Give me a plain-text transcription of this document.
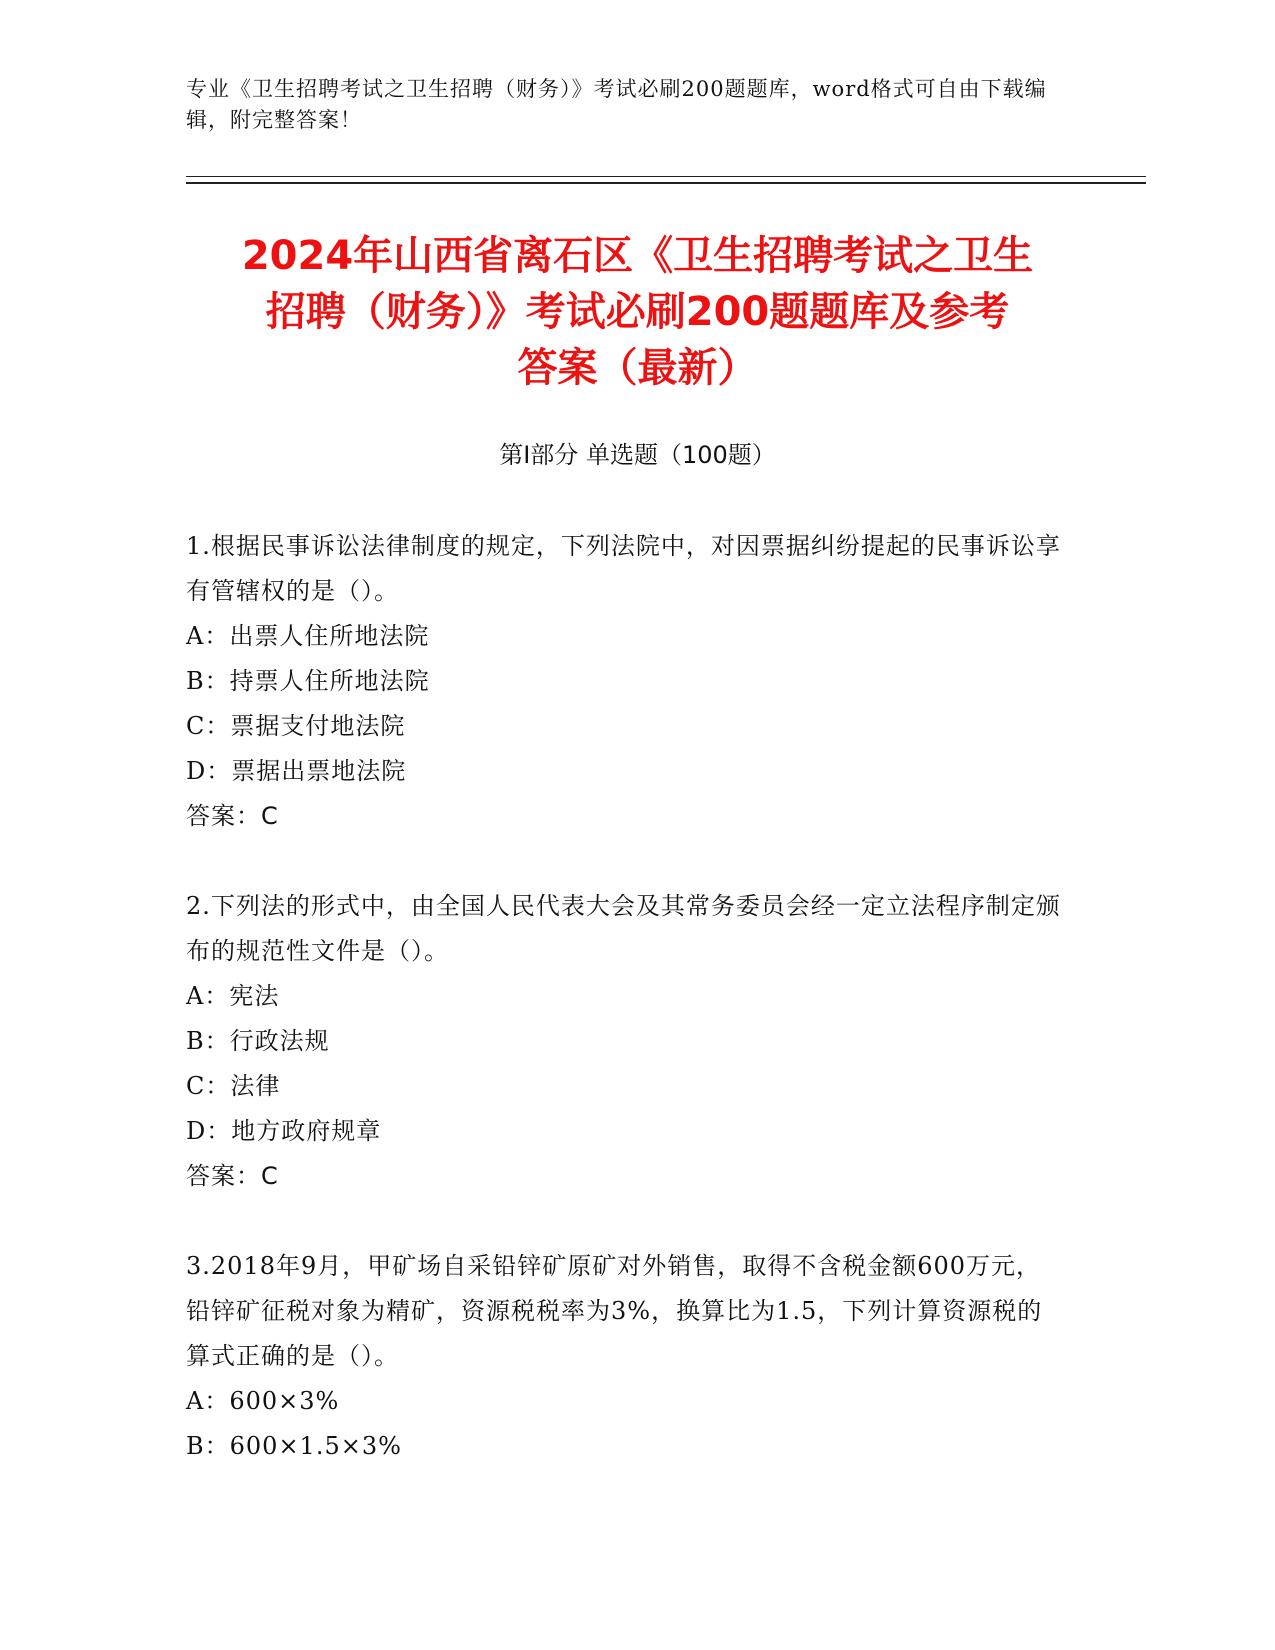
专业《卫生招聘考试之卫生招聘（财务）》考试必刷200题题库，word格式可自由下载编辑，附完整答案！
2024年山西省离石区《卫生招聘考试之卫生
招聘（财务）》考试必刷200题题库及参考
答案（最新）
第Ⅰ部分 单选题（100题）
1.根据民事诉讼法律制度的规定，下列法院中，对因票据纠纷提起的民事诉讼享有管辖权的是（）。
A：出票人住所地法院
B：持票人住所地法院
C：票据支付地法院
D：票据出票地法院
答案：C
2.下列法的形式中，由全国人民代表大会及其常务委员会经一定立法程序制定颁布的规范性文件是（）。
A：宪法
B：行政法规
C：法律
D：地方政府规章
答案：C
3.2018年9月，甲矿场自采铅锌矿原矿对外销售，取得不含税金额600万元，铅锌矿征税对象为精矿，资源税税率为3%，换算比为1.5，下列计算资源税的算式正确的是（）。
A：600×3%
B：600×1.5×3%
